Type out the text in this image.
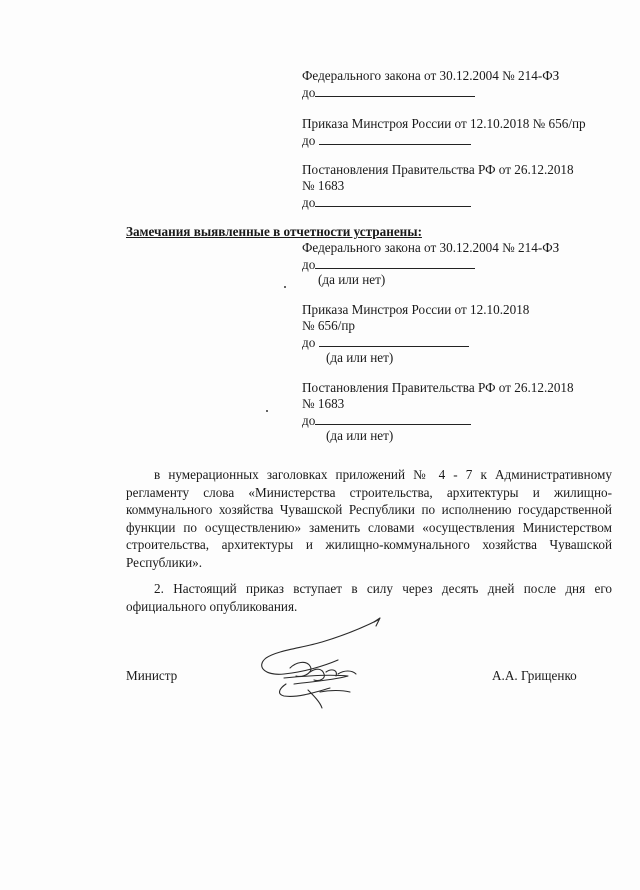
Федерального закона от 30.12.2004 № 214-ФЗ
до
Приказа Минстроя России от 12.10.2018 № 656/пр
до
Постановления Правительства РФ от 26.12.2018
№ 1683
до
Замечания выявленные в отчетности устранены:
Федерального закона от 30.12.2004 № 214-ФЗ
до
(да или нет)
Приказа Минстроя России от 12.10.2018
№ 656/пр
до
(да или нет)
Постановления Правительства РФ от 26.12.2018
№ 1683
до
(да или нет)
в нумерационных заголовках приложений № 4 - 7 к Административному регламенту слова «Министерства строительства, архитектуры и жилищно-коммунального хозяйства Чувашской Республики по исполнению государственной функции по осуществлению» заменить словами «осуществления Министерством строительства, архитектуры и жилищно-коммунального хозяйства Чувашской Республики».
2. Настоящий приказ вступает в силу через десять дней после дня его официального опубликования.
Министр	А.А. Грищенко
